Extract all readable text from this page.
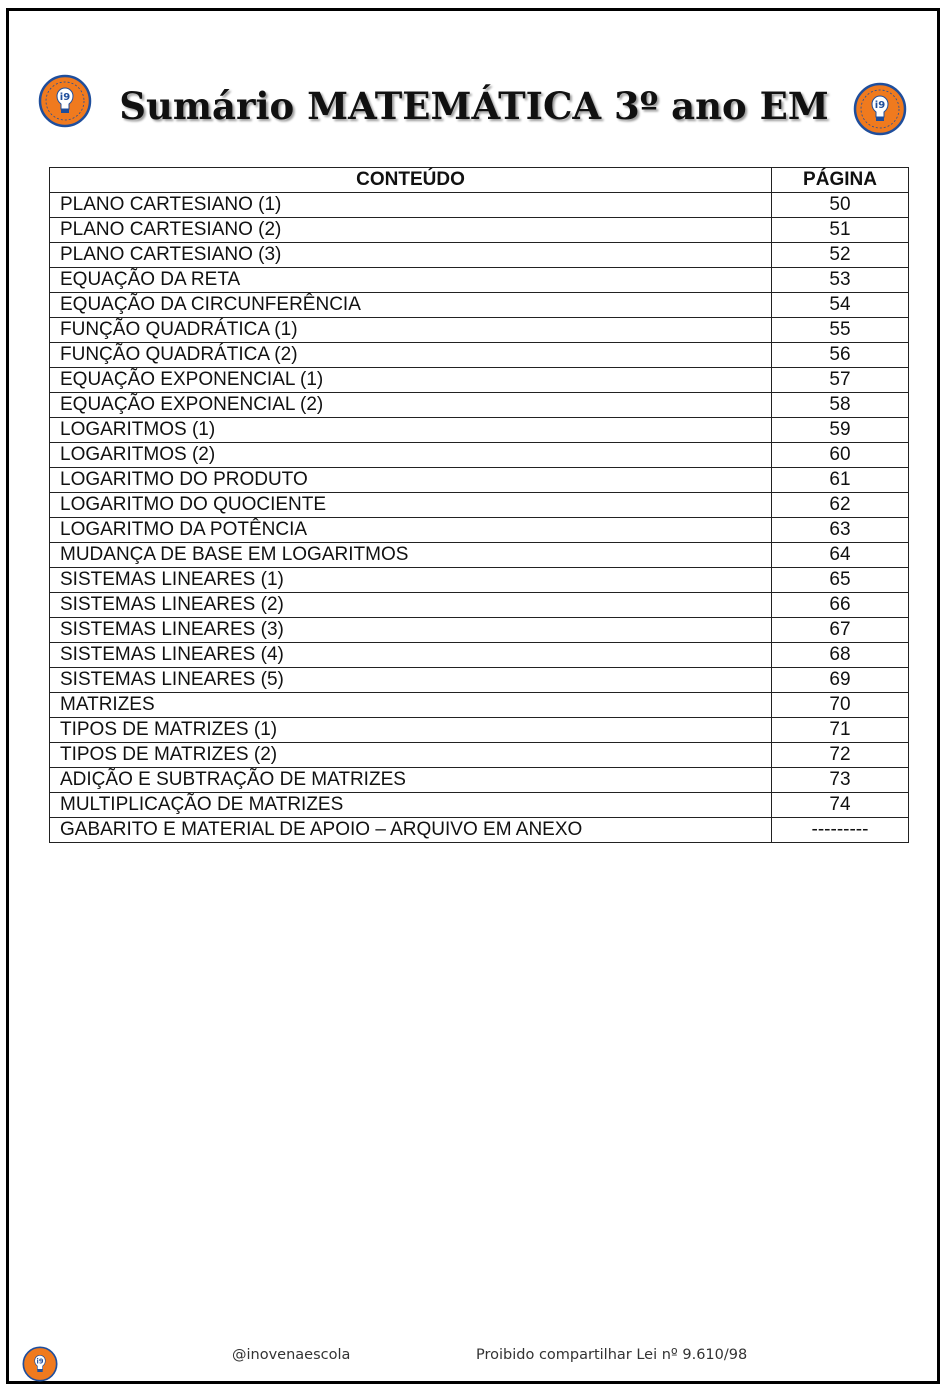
i9
i9
Sumário MATEMÁTICA 3º ano EM
CONTEÚDO	PÁGINA
PLANO CARTESIANO (1)	50
PLANO CARTESIANO (2)	51
PLANO CARTESIANO (3)	52
EQUAÇÃO DA RETA	53
EQUAÇÃO DA CIRCUNFERÊNCIA	54
FUNÇÃO QUADRÁTICA (1)	55
FUNÇÃO QUADRÁTICA (2)	56
EQUAÇÃO EXPONENCIAL (1)	57
EQUAÇÃO EXPONENCIAL (2)	58
LOGARITMOS (1)	59
LOGARITMOS (2)	60
LOGARITMO DO PRODUTO	61
LOGARITMO DO QUOCIENTE	62
LOGARITMO DA POTÊNCIA	63
MUDANÇA DE BASE EM LOGARITMOS	64
SISTEMAS LINEARES (1)	65
SISTEMAS LINEARES (2)	66
SISTEMAS LINEARES (3)	67
SISTEMAS LINEARES (4)	68
SISTEMAS LINEARES (5)	69
MATRIZES	70
TIPOS DE MATRIZES (1)	71
TIPOS DE MATRIZES (2)	72
ADIÇÃO E SUBTRAÇÃO DE MATRIZES	73
MULTIPLICAÇÃO DE MATRIZES	74
GABARITO E MATERIAL DE APOIO – ARQUIVO EM ANEXO	---------
i9	@inovenaescola	Proibido compartilhar Lei nº 9.610/98
